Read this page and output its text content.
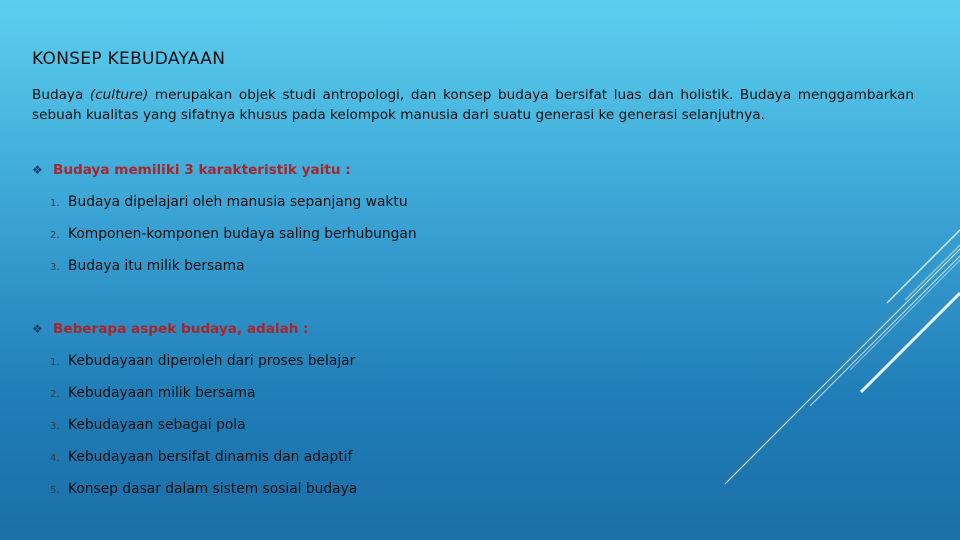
KONSEP KEBUDAYAAN
Budaya (culture) merupakan objek studi antropologi, dan konsep budaya bersifat luas dan holistik. Budaya menggambarkan sebuah kualitas yang sifatnya khusus pada kelompok manusia dari suatu generasi ke generasi selanjutnya.
❖ Budaya memiliki 3 karakteristik yaitu :
1. Budaya dipelajari oleh manusia sepanjang waktu
2. Komponen-komponen budaya saling berhubungan
3. Budaya itu milik bersama
❖ Beberapa aspek budaya, adalah :
1. Kebudayaan diperoleh dari proses belajar
2. Kebudayaan milik bersama
3. Kebudayaan sebagai pola
4. Kebudayaan bersifat dinamis dan adaptif
5. Konsep dasar dalam sistem sosial budaya
